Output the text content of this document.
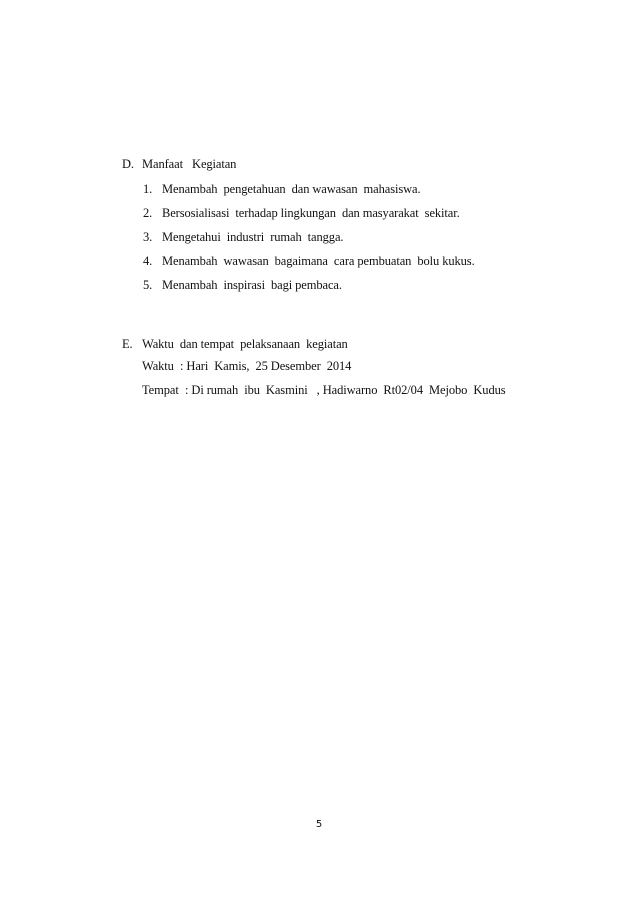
D. Manfaat   Kegiatan
1. Menambah  pengetahuan  dan wawasan  mahasiswa.
2. Bersosialisasi  terhadap lingkungan  dan masyarakat  sekitar.
3. Mengetahui  industri  rumah  tangga.
4. Menambah  wawasan  bagaimana  cara pembuatan  bolu kukus.
5. Menambah  inspirasi  bagi pembaca.
E. Waktu  dan tempat  pelaksanaan  kegiatan
Waktu : Hari  Kamis,  25 Desember  2014
Tempat : Di rumah  ibu  Kasmini   , Hadiwarno  Rt02/04  Mejobo  Kudus
5
